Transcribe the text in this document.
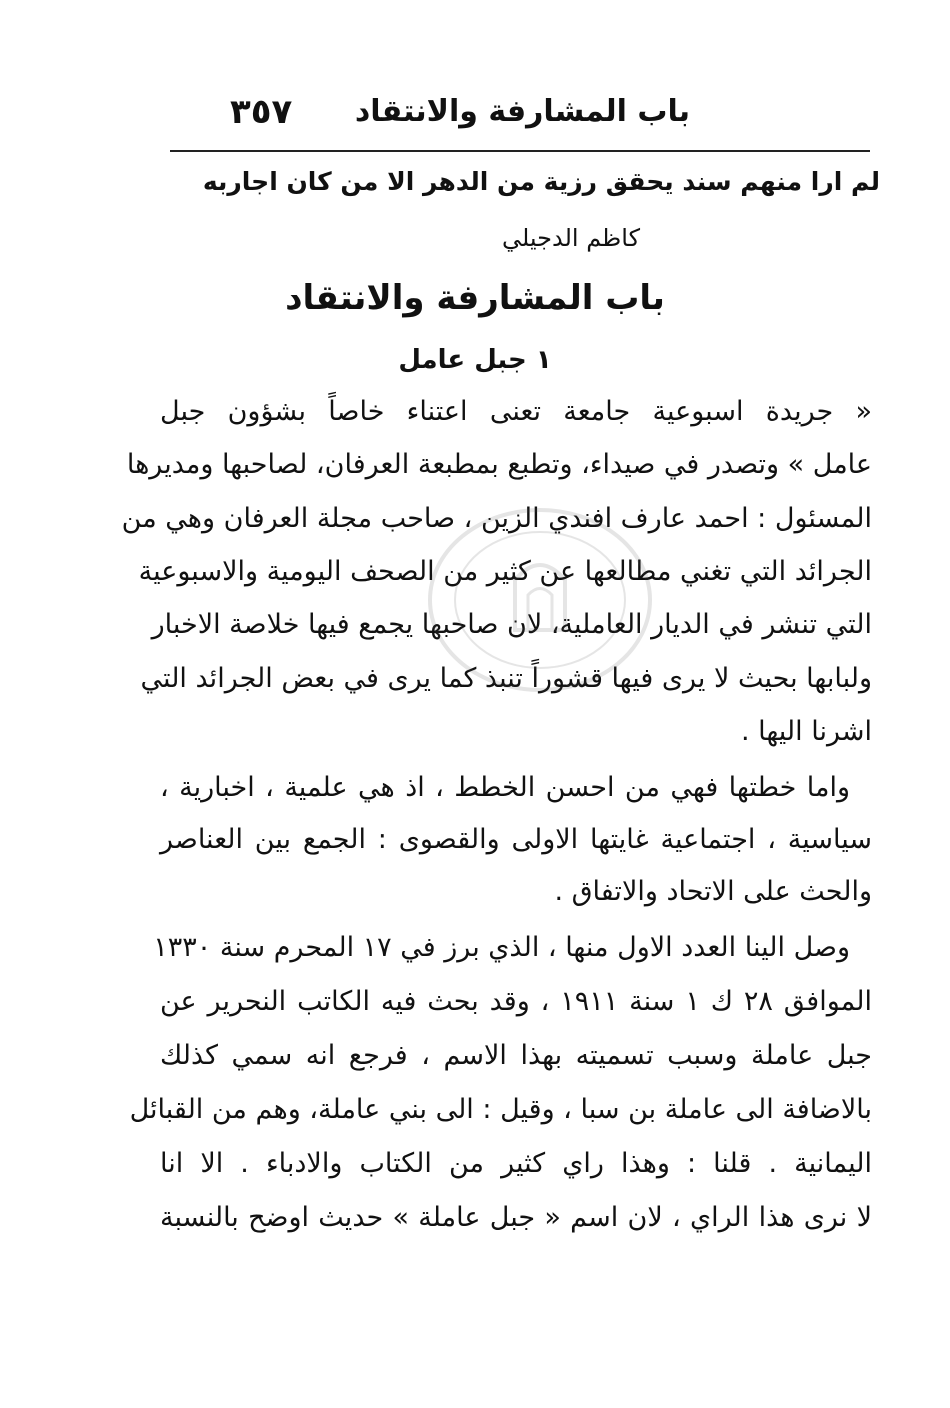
٣٥٧ باب المشارفة والانتقاد
لم ارا منهم سند يحقق رزية من الدهر الا من كان اجاربه
كاظم الدجيلي
باب المشارفة والانتقاد
١ جبل عامل
« جريدة اسبوعية جامعة تعنى اعتناء خاصاً بشؤون جبل
عامل » وتصدر في صيداء، وتطبع بمطبعة العرفان، لصاحبها ومديرها
المسئول : احمد عارف افندي الزين ، صاحب مجلة العرفان وهي من
الجرائد التي تغني مطالعها عن كثير من الصحف اليومية والاسبوعية
التي تنشر في الديار العاملية، لان صاحبها يجمع فيها خلاصة الاخبار
ولبابها بحيث لا يرى فيها قشوراً تنبذ كما يرى في بعض الجرائد التي
اشرنا اليها .
واما خطتها فهي من احسن الخطط ، اذ هي علمية ، اخبارية ،
سياسية ، اجتماعية غايتها الاولى والقصوى : الجمع بين العناصر
والحث على الاتحاد والاتفاق .
وصل الينا العدد الاول منها ، الذي برز في ١٧ المحرم سنة ١٣٣٠
الموافق ٢٨ ك ١ سنة ١٩١١ ، وقد بحث فيه الكاتب النحرير عن
جبل عاملة وسبب تسميته بهذا الاسم ، فرجع انه سمي كذلك
بالاضافة الى عاملة بن سبا ، وقيل : الى بني عاملة، وهم من القبائل
اليمانية . قلنا : وهذا راي كثير من الكتاب والادباء . الا انا
لا نرى هذا الراي ، لان اسم « جبل عاملة » حديث اوضح بالنسبة
